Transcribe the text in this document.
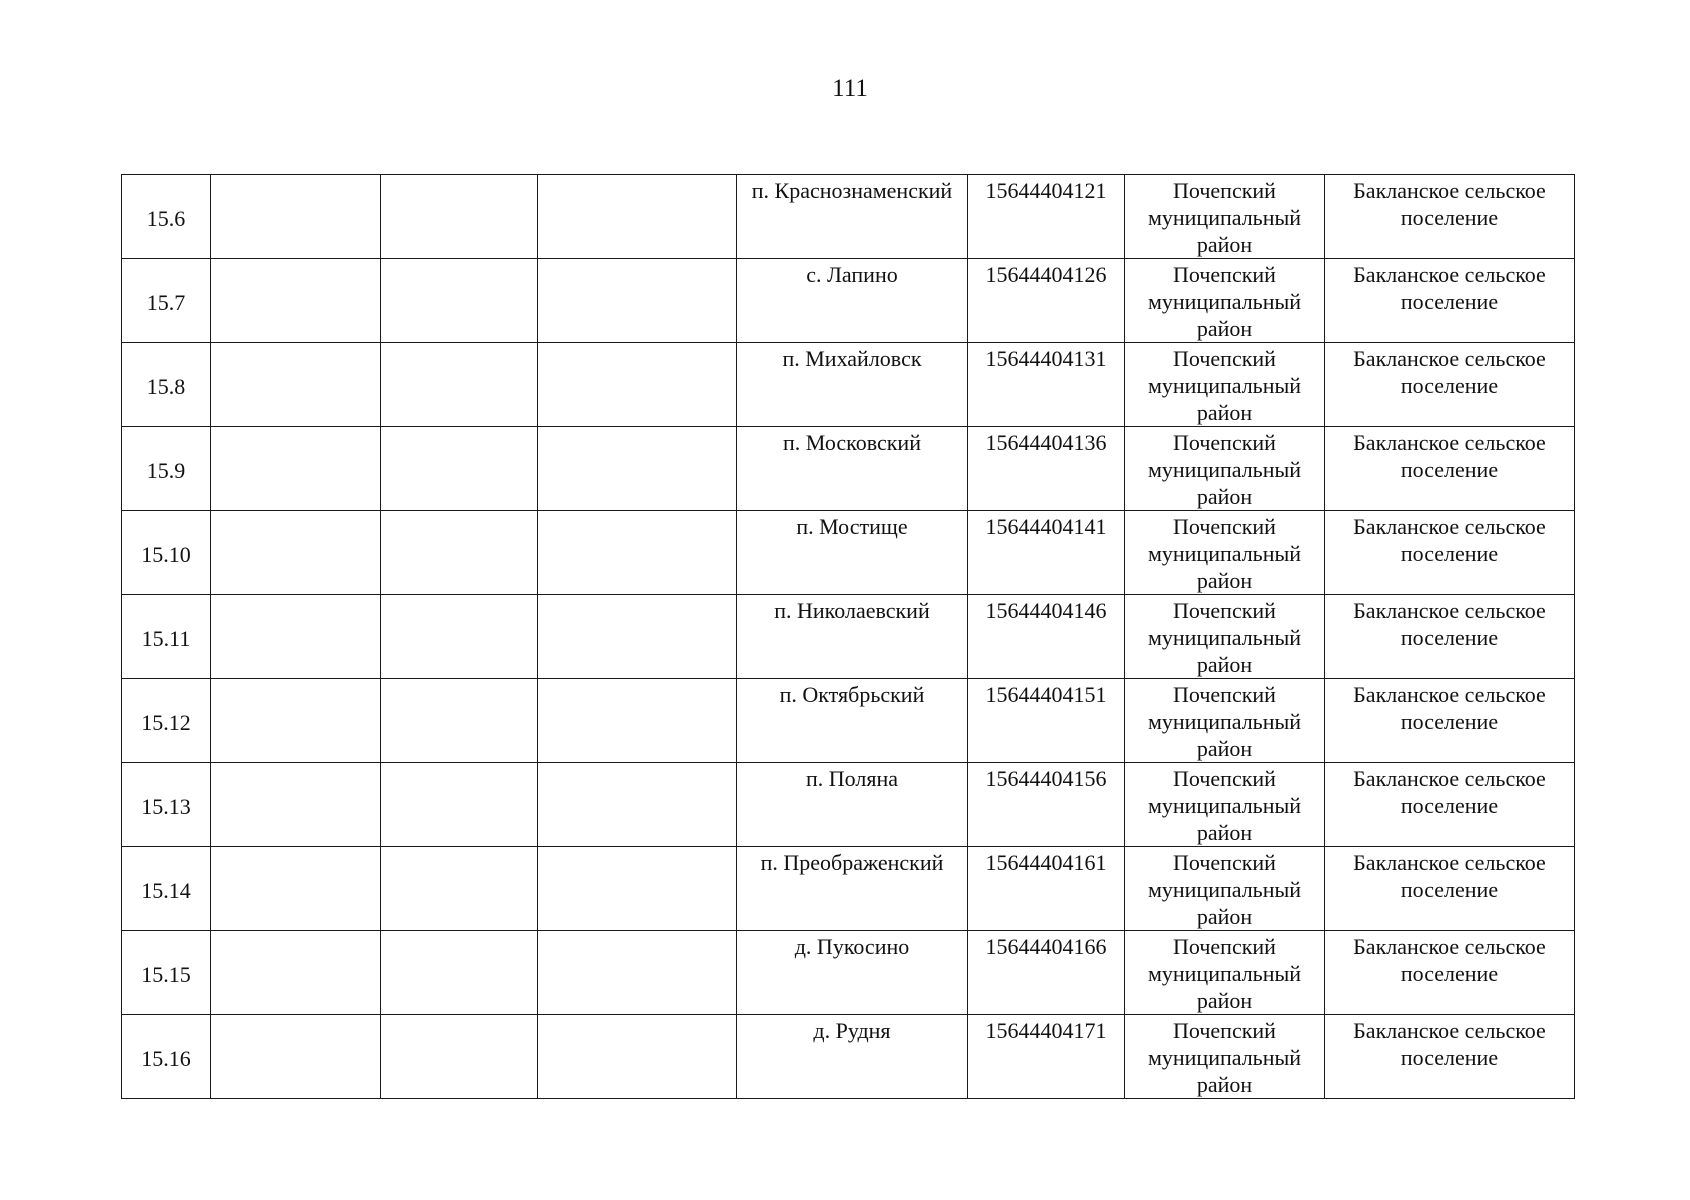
111
15.6				п. Краснознаменский	15644404121	Почепский муниципальный район	Бакланское сельское поселение
15.7				с. Лапино	15644404126	Почепский муниципальный район	Бакланское сельское поселение
15.8				п. Михайловск	15644404131	Почепский муниципальный район	Бакланское сельское поселение
15.9				п. Московский	15644404136	Почепский муниципальный район	Бакланское сельское поселение
15.10				п. Мостище	15644404141	Почепский муниципальный район	Бакланское сельское поселение
15.11				п. Николаевский	15644404146	Почепский муниципальный район	Бакланское сельское поселение
15.12				п. Октябрьский	15644404151	Почепский муниципальный район	Бакланское сельское поселение
15.13				п. Поляна	15644404156	Почепский муниципальный район	Бакланское сельское поселение
15.14				п. Преображенский	15644404161	Почепский муниципальный район	Бакланское сельское поселение
15.15				д. Пукосино	15644404166	Почепский муниципальный район	Бакланское сельское поселение
15.16				д. Рудня	15644404171	Почепский муниципальный район	Бакланское сельское поселение
